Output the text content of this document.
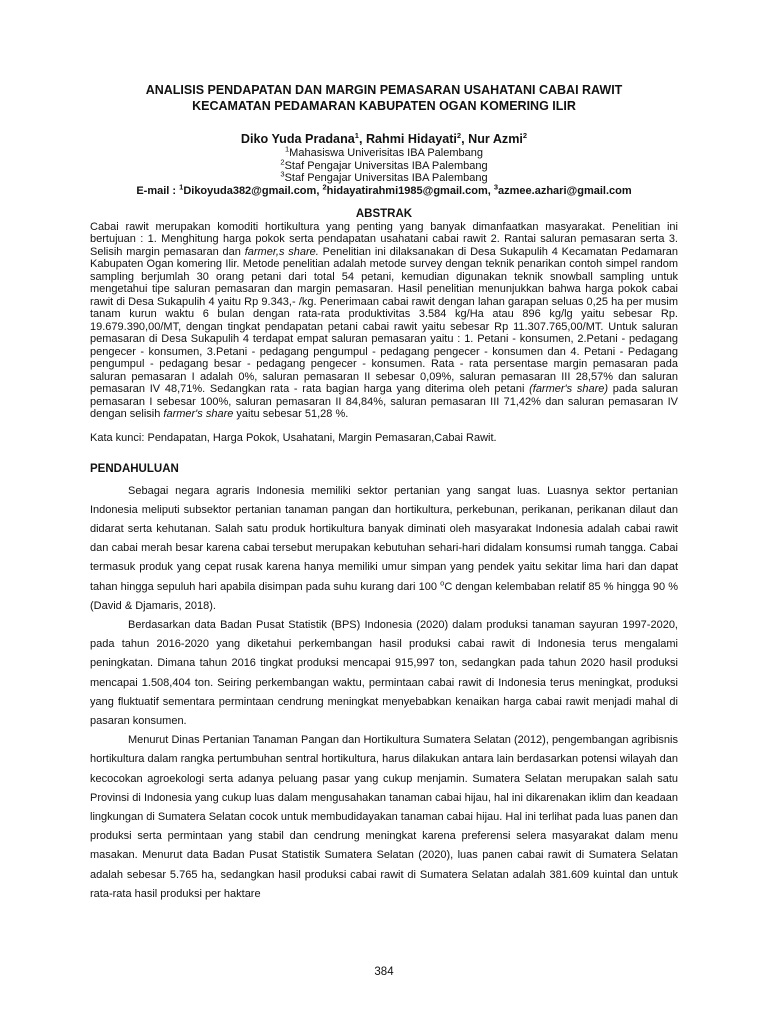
ANALISIS PENDAPATAN DAN MARGIN PEMASARAN USAHATANI CABAI RAWIT
KECAMATAN PEDAMARAN KABUPATEN OGAN KOMERING ILIR

Diko Yuda Pradana$^1$, Rahmi Hidayati$^2$, Nur Azmi$^2$

$^1$Mahasiswa Univerisitas IBA Palembang

$^2$Staf Pengajar Universitas IBA Palembang

$^3$Staf Pengajar Universitas IBA Palembang

E-mail : $^1$Dikoyuda382@gmail.com, $^2$hidayatirahmi1985@gmail.com, $^3$azmee.azhari@gmail.com

ABSTRAK

Cabai rawit merupakan komoditi hortikultura yang penting yang banyak dimanfaatkan masyarakat. Penelitian ini bertujuan : 1. Menghitung harga pokok serta pendapatan usahatani cabai rawit 2. Rantai saluran pemasaran serta 3. Selisih margin pemasaran dan farmer,s share. Penelitian ini dilaksanakan di Desa Sukapulih 4 Kecamatan Pedamaran Kabupaten Ogan komering Ilir. Metode penelitian adalah metode survey dengan teknik penarikan contoh simpel random sampling berjumlah 30 orang petani dari total 54 petani, kemudian digunakan teknik snowball sampling untuk mengetahui tipe saluran pemasaran dan margin pemasaran. Hasil penelitian menunjukkan bahwa harga pokok cabai rawit di Desa Sukapulih 4 yaitu Rp 9.343,- /kg. Penerimaan cabai rawit dengan lahan garapan seluas 0,25 ha per musim tanam kurun waktu 6 bulan dengan rata-rata produktivitas 3.584 kg/Ha atau 896 kg/lg yaitu sebesar Rp. 19.679.390,00/MT, dengan tingkat pendapatan petani cabai rawit yaitu sebesar Rp 11.307.765,00/MT. Untuk saluran pemasaran di Desa Sukapulih 4 terdapat empat saluran pemasaran yaitu : 1. Petani - konsumen, 2.Petani - pedagang pengecer - konsumen, 3.Petani - pedagang pengumpul - pedagang pengecer - konsumen dan 4. Petani - Pedagang pengumpul - pedagang besar - pedagang pengecer - konsumen. Rata - rata persentase margin pemasaran pada saluran pemasaran I adalah 0%, saluran pemasaran II sebesar 0,09%, saluran pemasaran III 28,57% dan saluran pemasaran IV 48,71%. Sedangkan rata - rata bagian harga yang diterima oleh petani (farmer's share) pada saluran pemasaran I sebesar 100%, saluran pemasaran II 84,84%, saluran pemasaran III 71,42% dan saluran pemasaran IV dengan selisih farmer's share yaitu sebesar 51,28 %.

Kata kunci: Pendapatan, Harga Pokok, Usahatani, Margin Pemasaran,Cabai Rawit.

PENDAHULUAN

Sebagai negara agraris Indonesia memiliki sektor pertanian yang sangat luas. Luasnya sektor pertanian Indonesia meliputi subsektor pertanian tanaman pangan dan hortikultura, perkebunan, perikanan, perikanan dilaut dan didarat serta kehutanan. Salah satu produk hortikultura banyak diminati oleh masyarakat Indonesia adalah cabai rawit dan cabai merah besar karena cabai tersebut merupakan kebutuhan sehari-hari didalam konsumsi rumah tangga. Cabai termasuk produk yang cepat rusak karena hanya memiliki umur simpan yang pendek yaitu sekitar lima hari dan dapat tahan hingga sepuluh hari apabila disimpan pada suhu kurang dari 100 $^o$C dengan kelembaban relatif 85 % hingga 90 % (David & Djamaris, 2018).

Berdasarkan data Badan Pusat Statistik (BPS) Indonesia (2020) dalam produksi tanaman sayuran 1997-2020, pada tahun 2016-2020 yang diketahui perkembangan hasil produksi cabai rawit di Indonesia terus mengalami peningkatan. Dimana tahun 2016 tingkat produksi mencapai 915,997 ton, sedangkan pada tahun 2020 hasil produksi mencapai 1.508,404 ton. Seiring perkembangan waktu, permintaan cabai rawit di Indonesia terus meningkat, produksi yang fluktuatif sementara permintaan cendrung meningkat menyebabkan kenaikan harga cabai rawit menjadi mahal di pasaran konsumen.

Menurut Dinas Pertanian Tanaman Pangan dan Hortikultura Sumatera Selatan (2012), pengembangan agribisnis hortikultura dalam rangka pertumbuhan sentral hortikultura, harus dilakukan antara lain berdasarkan potensi wilayah dan kecocokan agroekologi serta adanya peluang pasar yang cukup menjamin. Sumatera Selatan merupakan salah satu Provinsi di Indonesia yang cukup luas dalam mengusahakan tanaman cabai hijau, hal ini dikarenakan iklim dan keadaan lingkungan di Sumatera Selatan cocok untuk membudidayakan tanaman cabai hijau. Hal ini terlihat pada luas panen dan produksi serta permintaan yang stabil dan cendrung meningkat karena preferensi selera masyarakat dalam menu masakan. Menurut data Badan Pusat Statistik Sumatera Selatan (2020), luas panen cabai rawit di Sumatera Selatan adalah sebesar 5.765 ha, sedangkan hasil produksi cabai rawit di Sumatera Selatan adalah 381.609 kuintal dan untuk rata-rata hasil produksi per haktare

384
